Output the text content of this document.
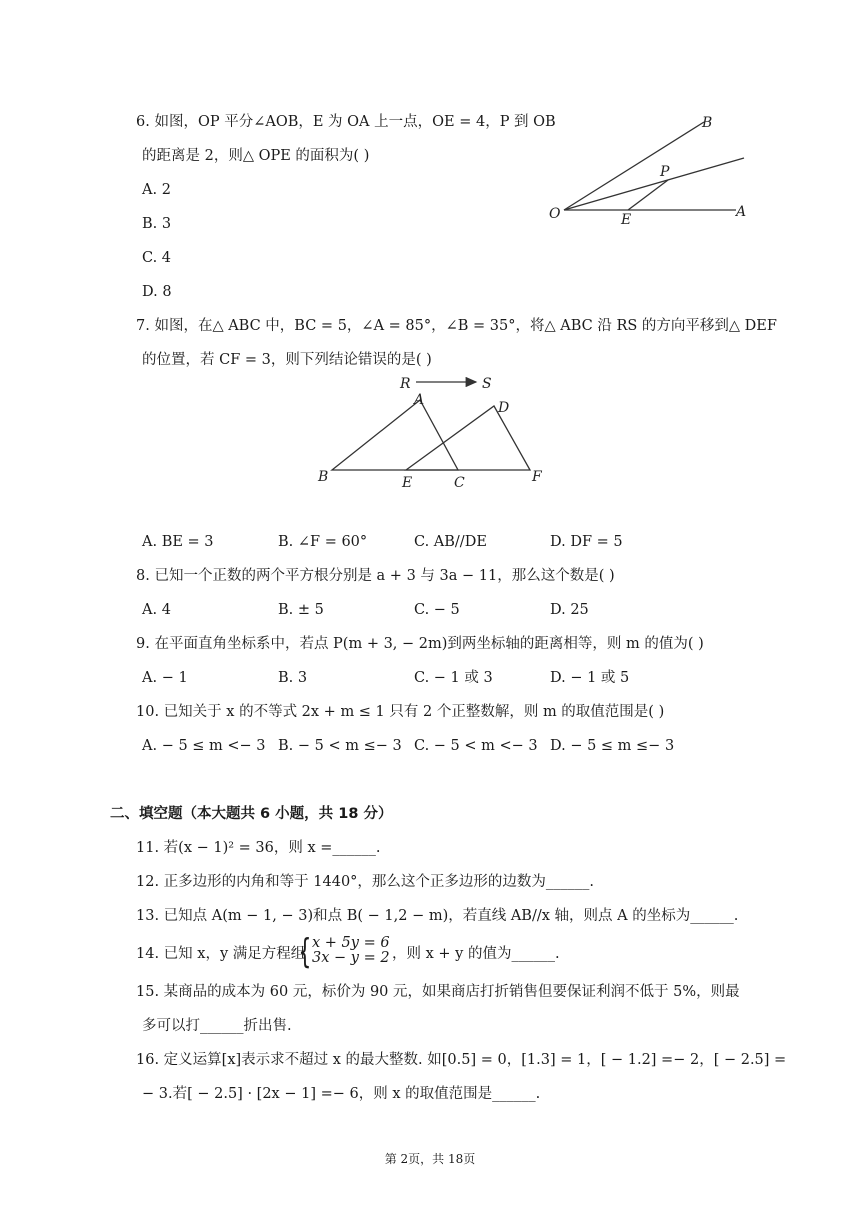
6. 如图，OP 平分∠AOB，E 为 OA 上一点，OE = 4，P 到 OB
的距离是 2，则△ OPE 的面积为( )
A. 2
B. 3
C. 4
D. 8
B
P
O	E	A
7. 如图，在△ ABC 中，BC = 5，∠A = 85°，∠B = 35°，将△ ABC 沿 RS 的方向平移到△ DEF
的位置，若 CF = 3，则下列结论错误的是( )
R	S
A	D
B	E	C	F
A. BE = 3	B. ∠F = 60°	C. AB//DE	D. DF = 5
8. 已知一个正数的两个平方根分别是 a + 3 与 3a − 11，那么这个数是( )
A. 4	B. ± 5	C. − 5	D. 25
9. 在平面直角坐标系中，若点 P(m + 3, − 2m)到两坐标轴的距离相等，则 m 的值为( )
A. − 1	B. 3	C. − 1 或 3	D. − 1 或 5
10. 已知关于 x 的不等式 2x + m ≤ 1 只有 2 个正整数解，则 m 的取值范围是( )
A. − 5 ≤ m <− 3 B. − 5 < m ≤− 3 C. − 5 < m <− 3 D. − 5 ≤ m ≤− 3
二、填空题（本大题共 6 小题，共 18 分）
11. 若(x − 1)² = 36，则 x =______.
12. 正多边形的内角和等于 1440°，那么这个正多边形的边数为______.
13. 已知点 A(m − 1, − 3)和点 B( − 1,2 − m)，若直线 AB//x 轴，则点 A 的坐标为______.
14. 已知 x，y 满足方程组
{ x + 5y = 6
3x − y = 2 ，则 x + y 的值为______.
15. 某商品的成本为 60 元，标价为 90 元，如果商店打折销售但要保证利润不低于 5%，则最
多可以打______折出售.
16. 定义运算[x]表示求不超过 x 的最大整数. 如[0.5] = 0，[1.3] = 1，[ − 1.2] =− 2，[ − 2.5] =
− 3.若[ − 2.5] · [2x − 1] =− 6，则 x 的取值范围是______.
第 2页，共 18页
